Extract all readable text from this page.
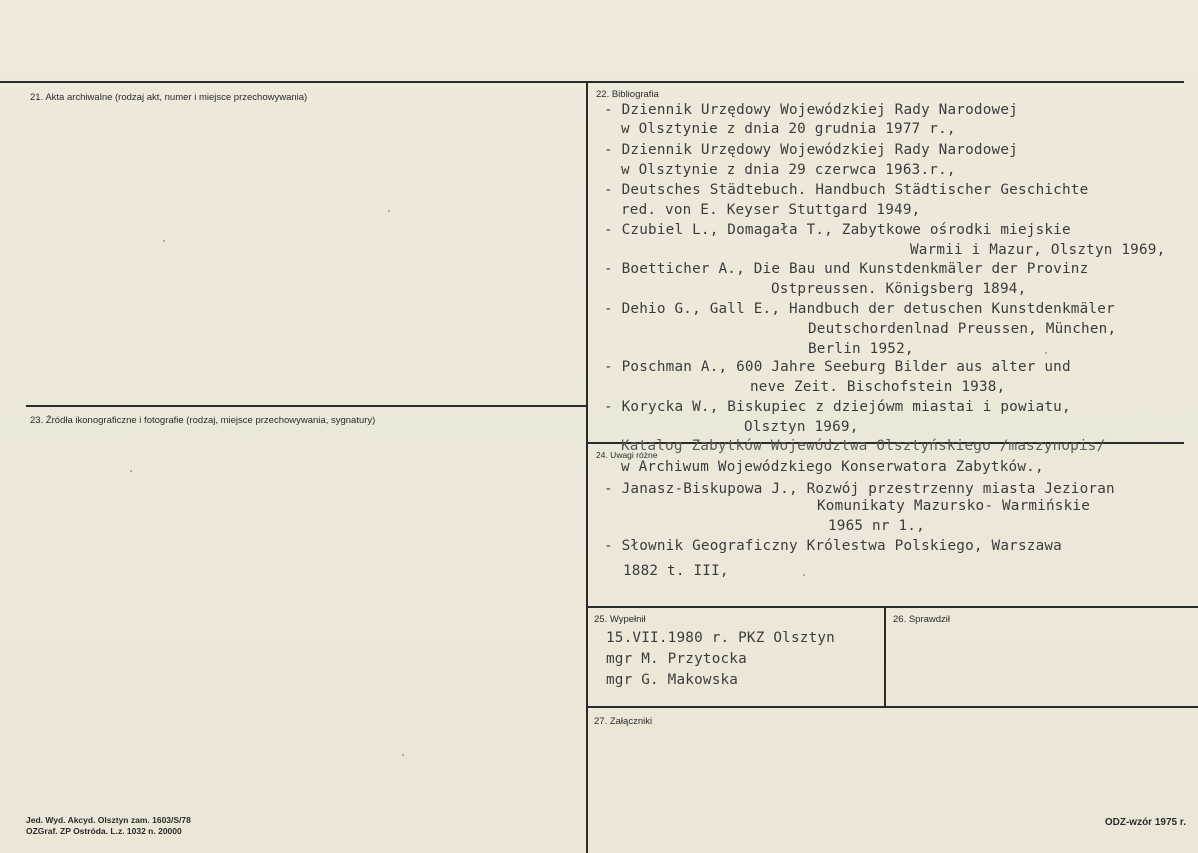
21. Akta archiwalne (rodzaj akt, numer i miejsce przechowywania)	22. Bibliografia
23. Źródła ikonograficzne i fotografie (rodzaj, miejsce przechowywania, sygnatury)
24. Uwagi różne
25. Wypełnił	26. Sprawdził
27. Załączniki
- Dziennik Urzędowy Wojewódzkiej Rady Narodowej
w Olsztynie z dnia 20 grudnia 1977 r.,
- Dziennik Urzędowy Wojewódzkiej Rady Narodowej
w Olsztynie z dnia 29 czerwca 1963.r.,
- Deutsches Städtebuch. Handbuch Städtischer Geschichte
red. von E. Keyser Stuttgard 1949,
- Czubiel L., Domagała T., Zabytkowe ośrodki miejskie
Warmii i Mazur, Olsztyn 1969,
- Boetticher A., Die Bau und Kunstdenkmäler der Provinz
Ostpreussen. Königsberg 1894,
- Dehio G., Gall E., Handbuch der detuschen Kunstdenkmäler
Deutschordenlnad Preussen, München,
Berlin 1952,
- Poschman A., 600 Jahre Seeburg Bilder aus alter und
neve Zeit. Bischofstein 1938,
- Korycka W., Biskupiec z dziejówm miastai i powiatu,
Olsztyn 1969,
Katalog Zabytków Województwa Olsztyńskiego /maszynopis/
w Archiwum Wojewódzkiego Konserwatora Zabytków.,
- Janasz-Biskupowa J., Rozwój przestrzenny miasta Jezioran
Komunikaty Mazursko- Warmińskie
1965 nr 1.,
- Słownik Geograficzny Królestwa Polskiego, Warszawa
1882 t. III,
15.VII.1980 r. PKZ Olsztyn
mgr M. Przytocka
mgr G. Makowska
Jed. Wyd. Akcyd. Olsztyn zam. 1603/S/78
OZGraf. ZP Ostróda. L.z. 1032 n. 20000
ODZ-wzór 1975 r.
